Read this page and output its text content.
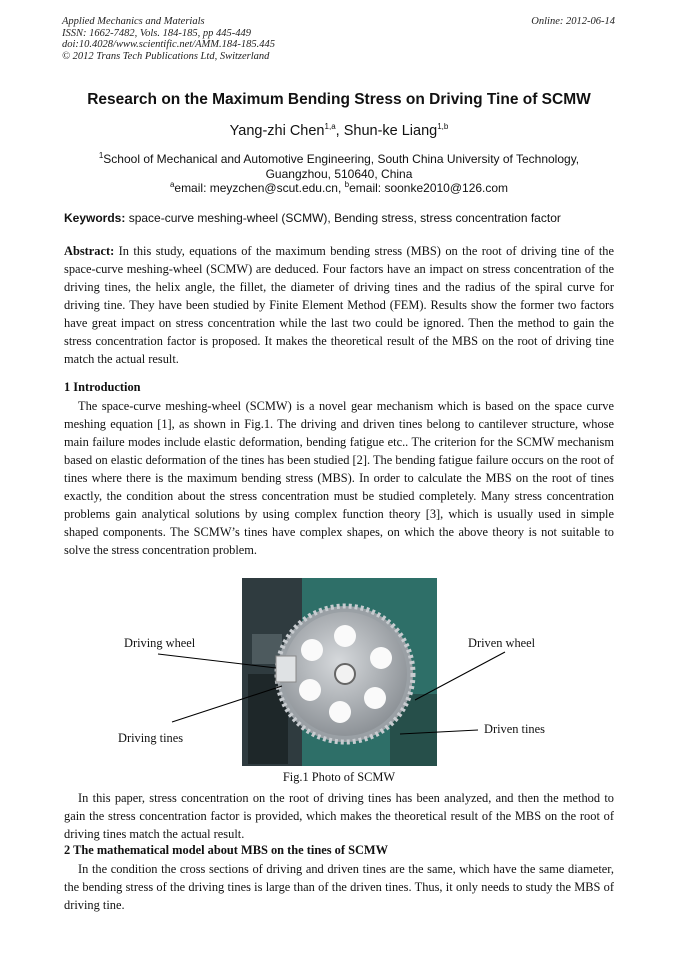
Applied Mechanics and Materials
ISSN: 1662-7482, Vols. 184-185, pp 445-449
doi:10.4028/www.scientific.net/AMM.184-185.445
© 2012 Trans Tech Publications Ltd, Switzerland
Online: 2012-06-14
Research on the Maximum Bending Stress on Driving Tine of SCMW
Yang-zhi Chen$^{1,a}$, Shun-ke Liang$^{1,b}$
$^1$School of Mechanical and Automotive Engineering, South China University of Technology,
Guangzhou, 510640, China
$^a$email: meyzchen@scut.edu.cn, $^b$email: soonke2010@126.com
Keywords: space-curve meshing-wheel (SCMW), Bending stress, stress concentration factor
Abstract: In this study, equations of the maximum bending stress (MBS) on the root of driving tine of the space-curve meshing-wheel (SCMW) are deduced. Four factors have an impact on stress concentration of the driving tines, the helix angle, the fillet, the diameter of driving tines and the radius of the spiral curve for driving tine. They have been studied by Finite Element Method (FEM). Results show the former two factors have great impact on stress concentration while the last two could be ignored. Then the method to gain the stress concentration factor is proposed. It makes the theoretical result of the MBS on the root of driving tine match the actual result.
1 Introduction
The space-curve meshing-wheel (SCMW) is a novel gear mechanism which is based on the space curve meshing equation [1], as shown in Fig.1. The driving and driven tines belong to cantilever structure, whose main failure modes include elastic deformation, bending fatigue etc.. The criterion for the SCMW mechanism based on elastic deformation of the tines has been studied [2]. The bending fatigue failure occurs on the root of tines where there is the maximum bending stress (MBS). In order to calculate the MBS on the root of tines exactly, the condition about the stress concentration must be studied completely. Many stress concentration problems gain analytical solutions by using complex function theory [3], which is usually used in simple shaped components. The SCMW’s tines have complex shapes, on which the above theory is not suitable to solve the stress concentration problem.
Driving wheel	Driven wheel
Driving tines
Driven tines
Fig.1 Photo of SCMW
In this paper, stress concentration on the root of driving tines has been analyzed, and then the method to gain the stress concentration factor is provided, which makes the theoretical result of the MBS on the root of driving tines match the actual result.
2 The mathematical model about MBS on the tines of SCMW
In the condition the cross sections of driving and driven tines are the same, which have the same diameter, the bending stress of the driving tines is large than of the driven tines. Thus, it only needs to study the MBS of driving tine.
